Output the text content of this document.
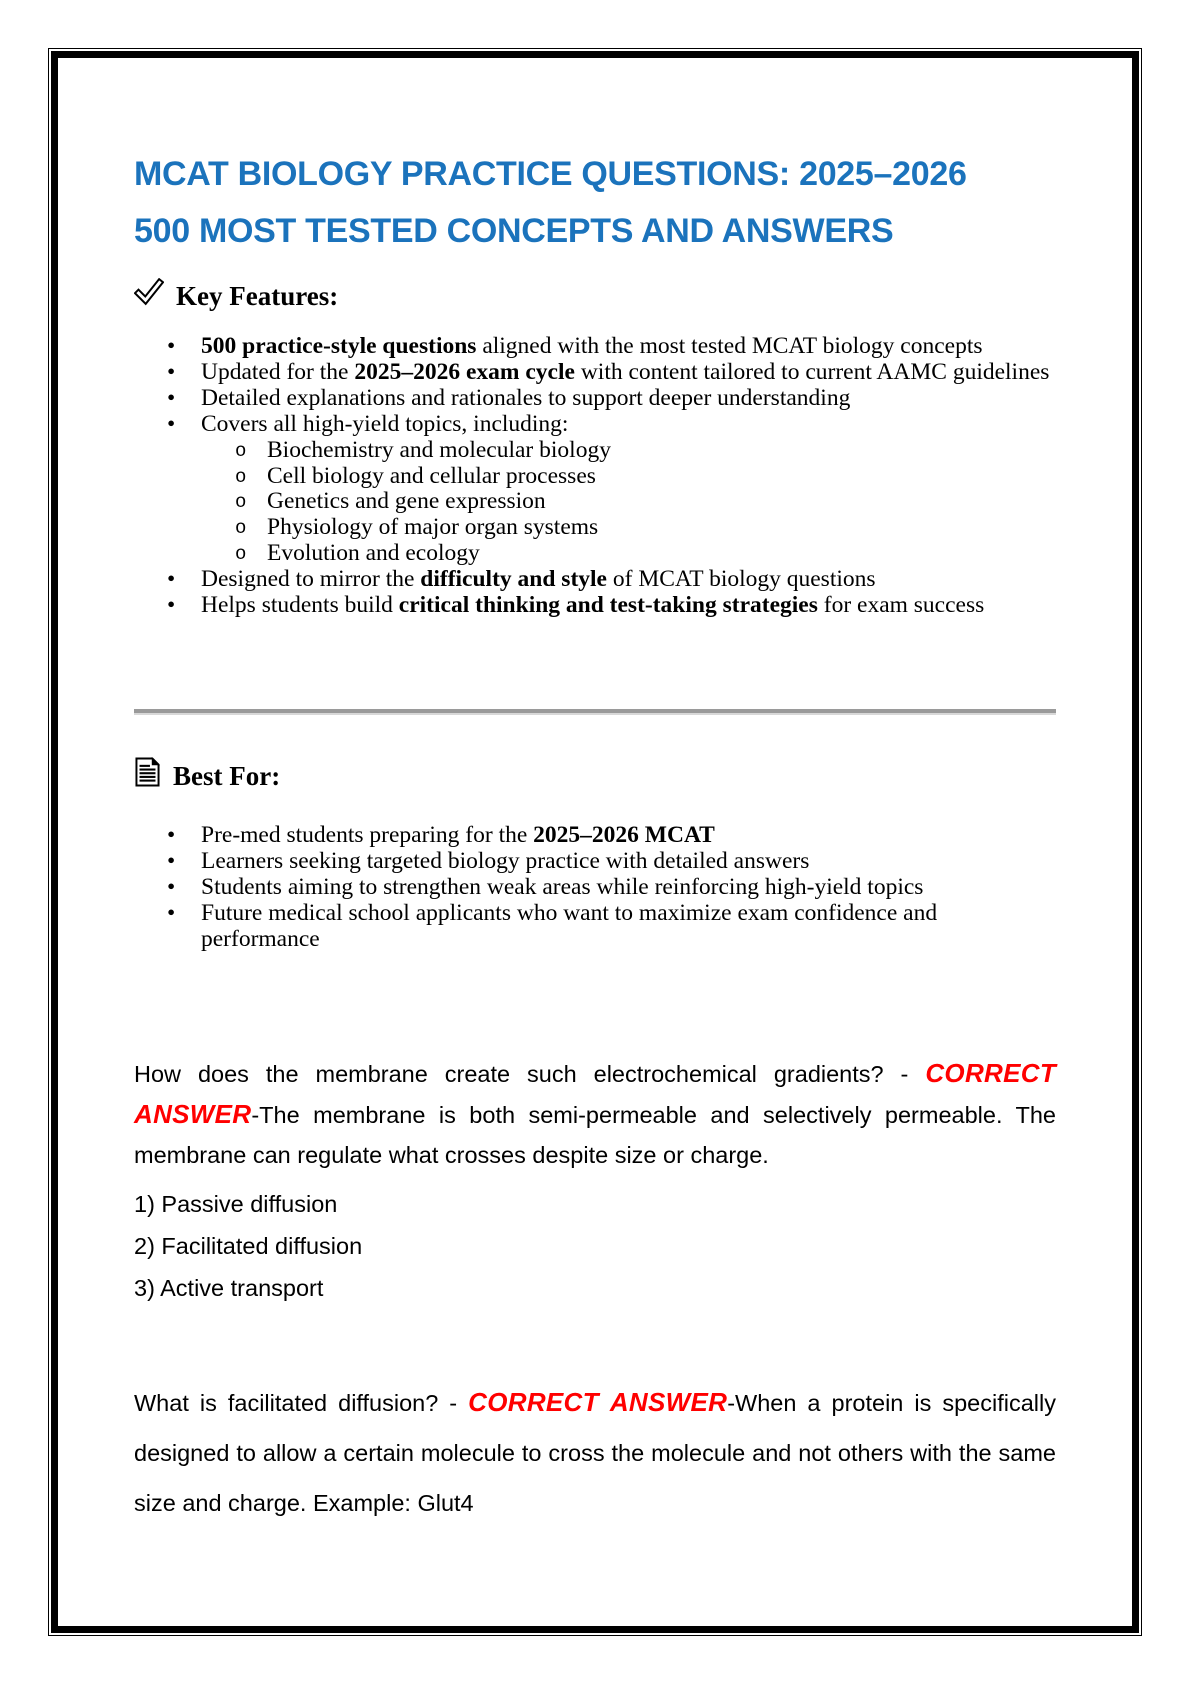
MCAT BIOLOGY PRACTICE QUESTIONS: 2025–2026 500 MOST TESTED CONCEPTS AND ANSWERS
Key Features:
• 500 practice-style questions aligned with the most tested MCAT biology concepts
• Updated for the 2025–2026 exam cycle with content tailored to current AAMC guidelines
• Detailed explanations and rationales to support deeper understanding
• Covers all high-yield topics, including:
o Biochemistry and molecular biology
o Cell biology and cellular processes
o Genetics and gene expression
o Physiology of major organ systems
o Evolution and ecology
• Designed to mirror the difficulty and style of MCAT biology questions
• Helps students build critical thinking and test-taking strategies for exam success
Best For:
• Pre-med students preparing for the 2025–2026 MCAT
• Learners seeking targeted biology practice with detailed answers
• Students aiming to strengthen weak areas while reinforcing high-yield topics
• Future medical school applicants who want to maximize exam confidence and performance

How does the membrane create such electrochemical gradients? - CORRECT ANSWER-The membrane is both semi-permeable and selectively permeable. The membrane can regulate what crosses despite size or charge.

1) Passive diffusion

2) Facilitated diffusion

3) Active transport

What is facilitated diffusion? - CORRECT ANSWER-When a protein is specifically designed to allow a certain molecule to cross the molecule and not others with the same size and charge. Example: Glut4
